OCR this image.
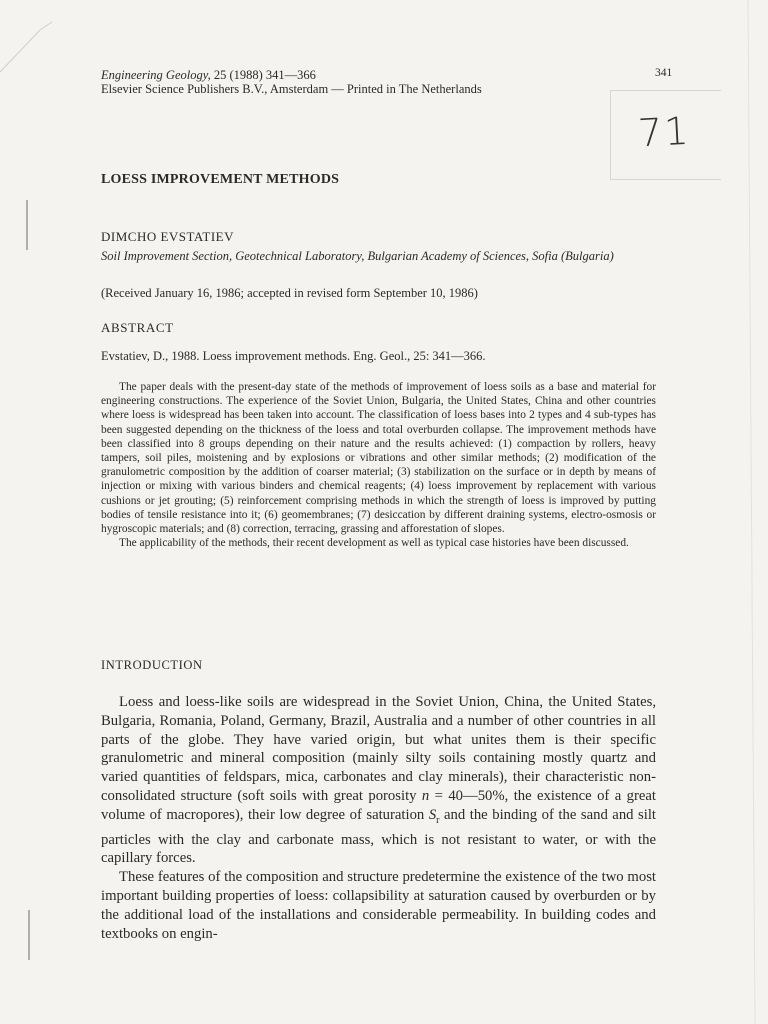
Engineering Geology, 25 (1988) 341—366
Elsevier Science Publishers B.V., Amsterdam — Printed in The Netherlands
341
71
LOESS IMPROVEMENT METHODS
DIMCHO EVSTATIEV
Soil Improvement Section, Geotechnical Laboratory, Bulgarian Academy of Sciences, Sofia (Bulgaria)
(Received January 16, 1986; accepted in revised form September 10, 1986)
ABSTRACT
Evstatiev, D., 1988. Loess improvement methods. Eng. Geol., 25: 341—366.

The paper deals with the present-day state of the methods of improvement of loess soils as a base and material for engineering constructions. The experience of the Soviet Union, Bulgaria, the United States, China and other countries where loess is widespread has been taken into account. The classification of loess bases into 2 types and 4 sub-types has been suggested depending on the thickness of the loess and total overburden collapse. The improvement methods have been classified into 8 groups depending on their nature and the results achieved: (1) compaction by rollers, heavy tampers, soil piles, moistening and by explosions or vibrations and other similar methods; (2) modification of the granulometric composition by the addition of coarser material; (3) stabilization on the surface or in depth by means of injection or mixing with various binders and chemical reagents; (4) loess improvement by replacement with various cushions or jet grouting; (5) reinforcement comprising methods in which the strength of loess is improved by putting bodies of tensile resistance into it; (6) geomembranes; (7) desiccation by different draining systems, electro-osmosis or hygroscopic materials; and (8) correction, terracing, grassing and afforestation of slopes.

The applicability of the methods, their recent development as well as typical case histories have been discussed.

INTRODUCTION

Loess and loess-like soils are widespread in the Soviet Union, China, the United States, Bulgaria, Romania, Poland, Germany, Brazil, Australia and a number of other countries in all parts of the globe. They have varied origin, but what unites them is their specific granulometric and mineral composition (mainly silty soils containing mostly quartz and varied quantities of feldspars, mica, carbonates and clay minerals), their characteristic non-consolidated structure (soft soils with great porosity n = 40—50%, the existence of a great volume of macropores), their low degree of saturation $S_r$ and the binding of the sand and silt particles with the clay and carbonate mass, which is not resistant to water, or with the capillary forces.

These features of the composition and structure predetermine the existence of the two most important building properties of loess: collapsibility at saturation caused by overburden or by the additional load of the installations and considerable permeability. In building codes and textbooks on engin-
